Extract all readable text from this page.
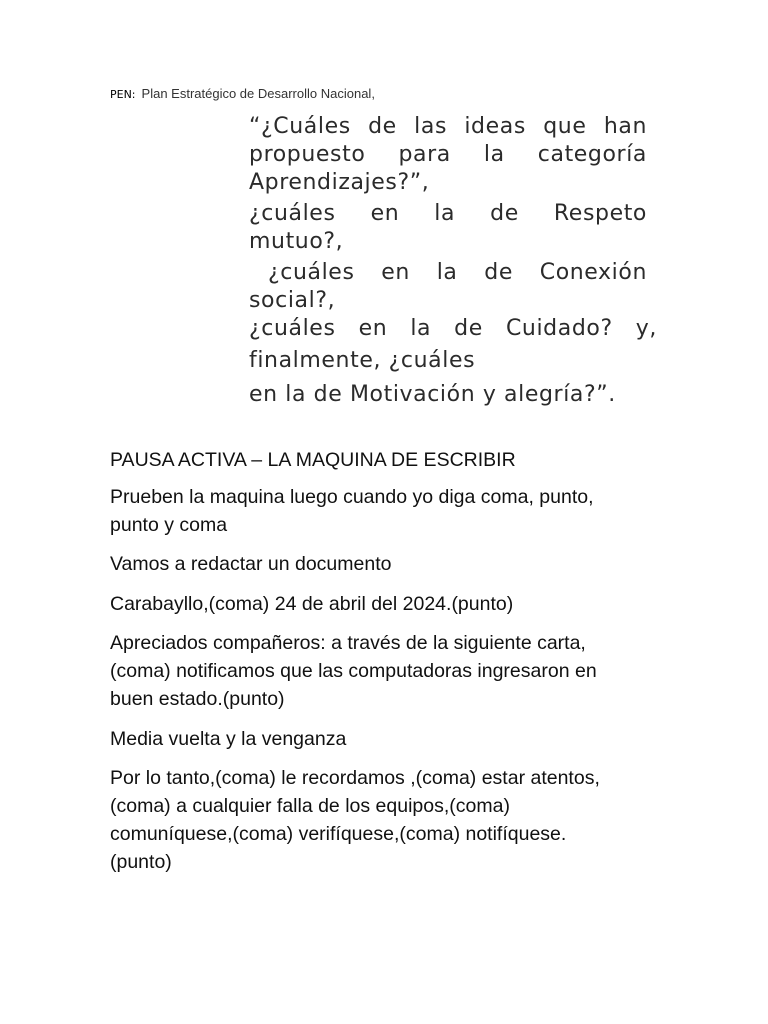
PEN: Plan Estratégico de Desarrollo Nacional,
“¿Cuáles de las ideas que han
propuesto para la categoría
Aprendizajes?”,
¿cuáles en la de Respeto
mutuo?,
¿cuáles en la de Conexión
social?,
¿cuáles en la de Cuidado? y,
finalmente, ¿cuáles
en la de Motivación y alegría?”.
PAUSA ACTIVA – LA MAQUINA DE ESCRIBIR
Prueben la maquina luego cuando yo diga coma, punto,
punto y coma
Vamos a redactar un documento
Carabayllo,(coma) 24 de abril del 2024.(punto)
Apreciados compañeros: a través de la siguiente carta,
(coma) notificamos que las computadoras ingresaron en
buen estado.(punto)
Media vuelta y la venganza
Por lo tanto,(coma) le recordamos ,(coma) estar atentos,
(coma) a cualquier falla de los equipos,(coma)
comuníquese,(coma) verifíquese,(coma) notifíquese.
(punto)
